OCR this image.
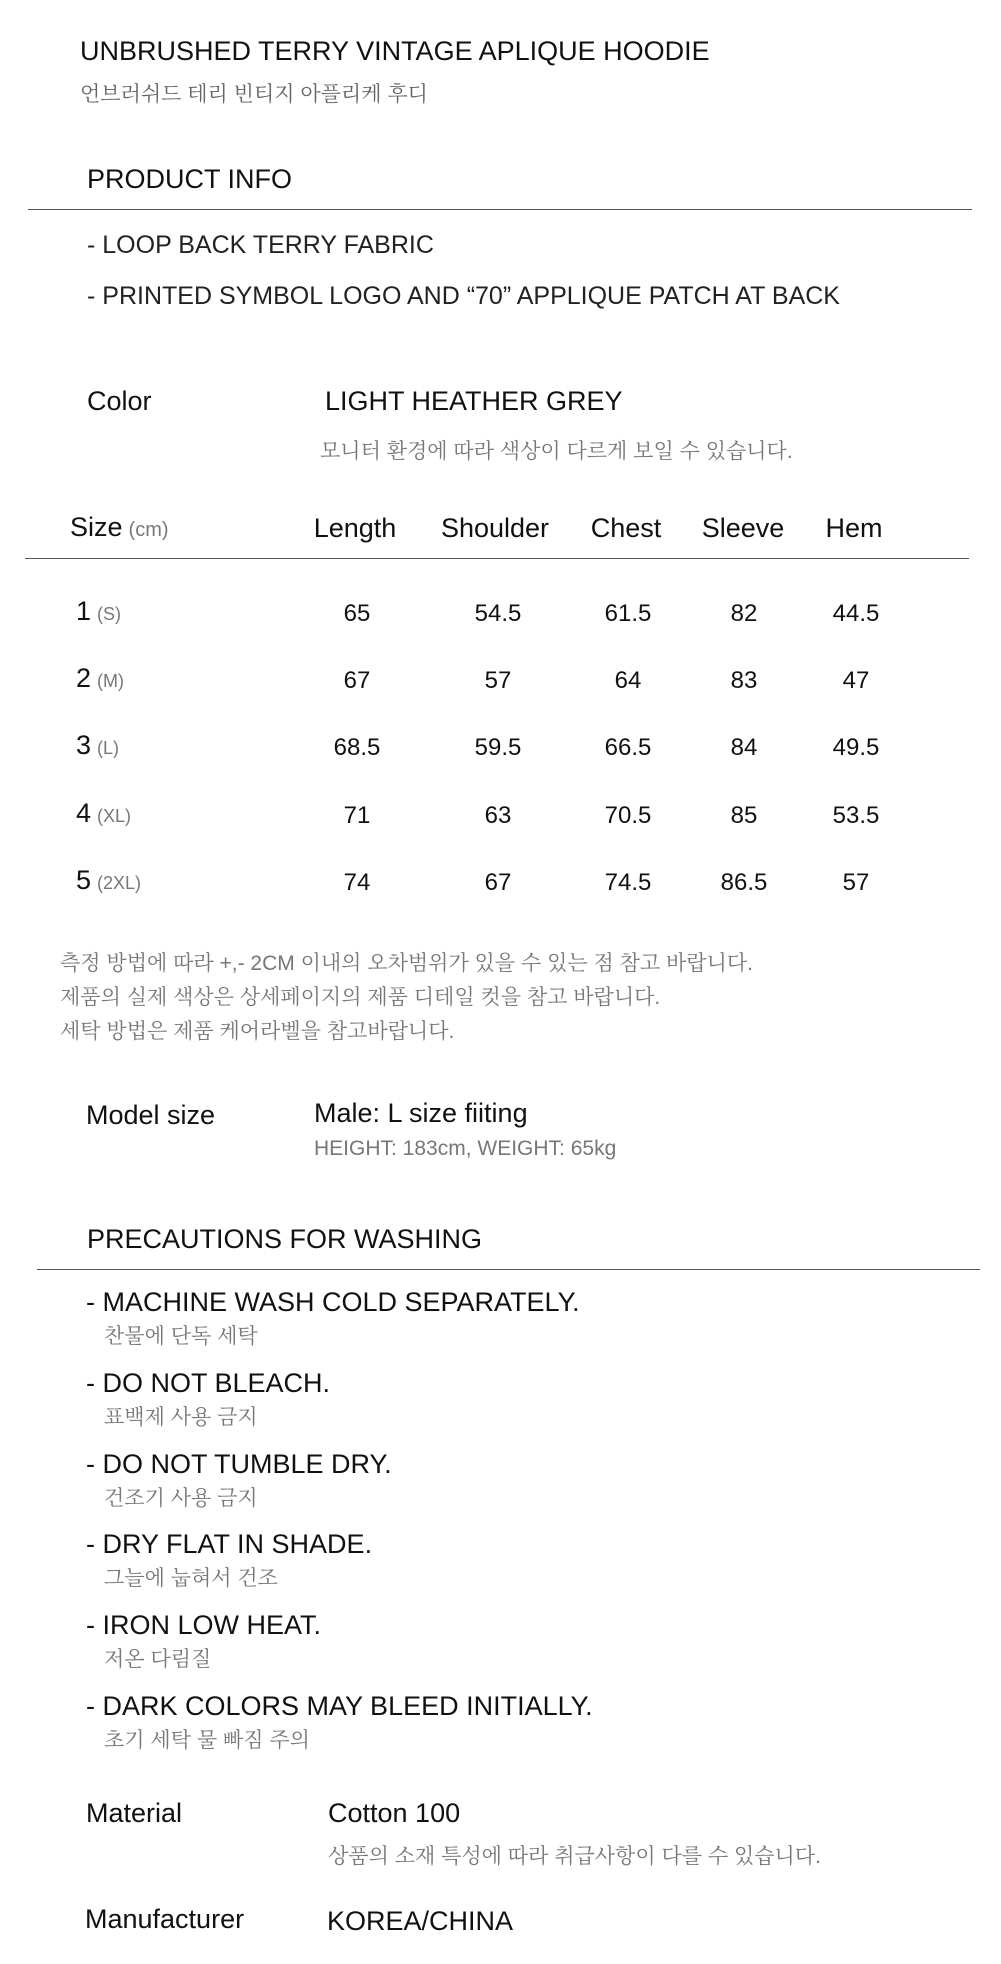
UNBRUSHED TERRY VINTAGE APLIQUE HOODIE
언브러쉬드 테리 빈티지 아플리케 후디
PRODUCT INFO
- LOOP BACK TERRY FABRIC
- PRINTED SYMBOL LOGO AND “70” APPLIQUE PATCH AT BACK
Color	LIGHT HEATHER GREY
모니터 환경에 따라 색상이 다르게 보일 수 있습니다.
Size (cm)	Length Shoulder Chest Sleeve Hem
1 (S)	65	54.5	61.5	82	44.5
2 (M)	67	57	64	83	47
3 (L)	68.5	59.5	66.5	84	49.5
4 (XL)	71	63	70.5	85	53.5
5 (2XL)	74	67	74.5	86.5	57
측정 방법에 따라 +,- 2CM 이내의 오차범위가 있을 수 있는 점 참고 바랍니다.
제품의 실제 색상은 상세페이지의 제품 디테일 컷을 참고 바랍니다.
세탁 방법은 제품 케어라벨을 참고바랍니다.
Model size	Male: L size fiiting
HEIGHT: 183cm, WEIGHT: 65kg
PRECAUTIONS FOR WASHING
- MACHINE WASH COLD SEPARATELY.
찬물에 단독 세탁
- DO NOT BLEACH.
표백제 사용 금지
- DO NOT TUMBLE DRY.
건조기 사용 금지
- DRY FLAT IN SHADE.
그늘에 눕혀서 건조
- IRON LOW HEAT.
저온 다림질
- DARK COLORS MAY BLEED INITIALLY.
초기 세탁 물 빠짐 주의
Material	Cotton 100
상품의 소재 특성에 따라 취급사항이 다를 수 있습니다.
Manufacturer	KOREA/CHINA
